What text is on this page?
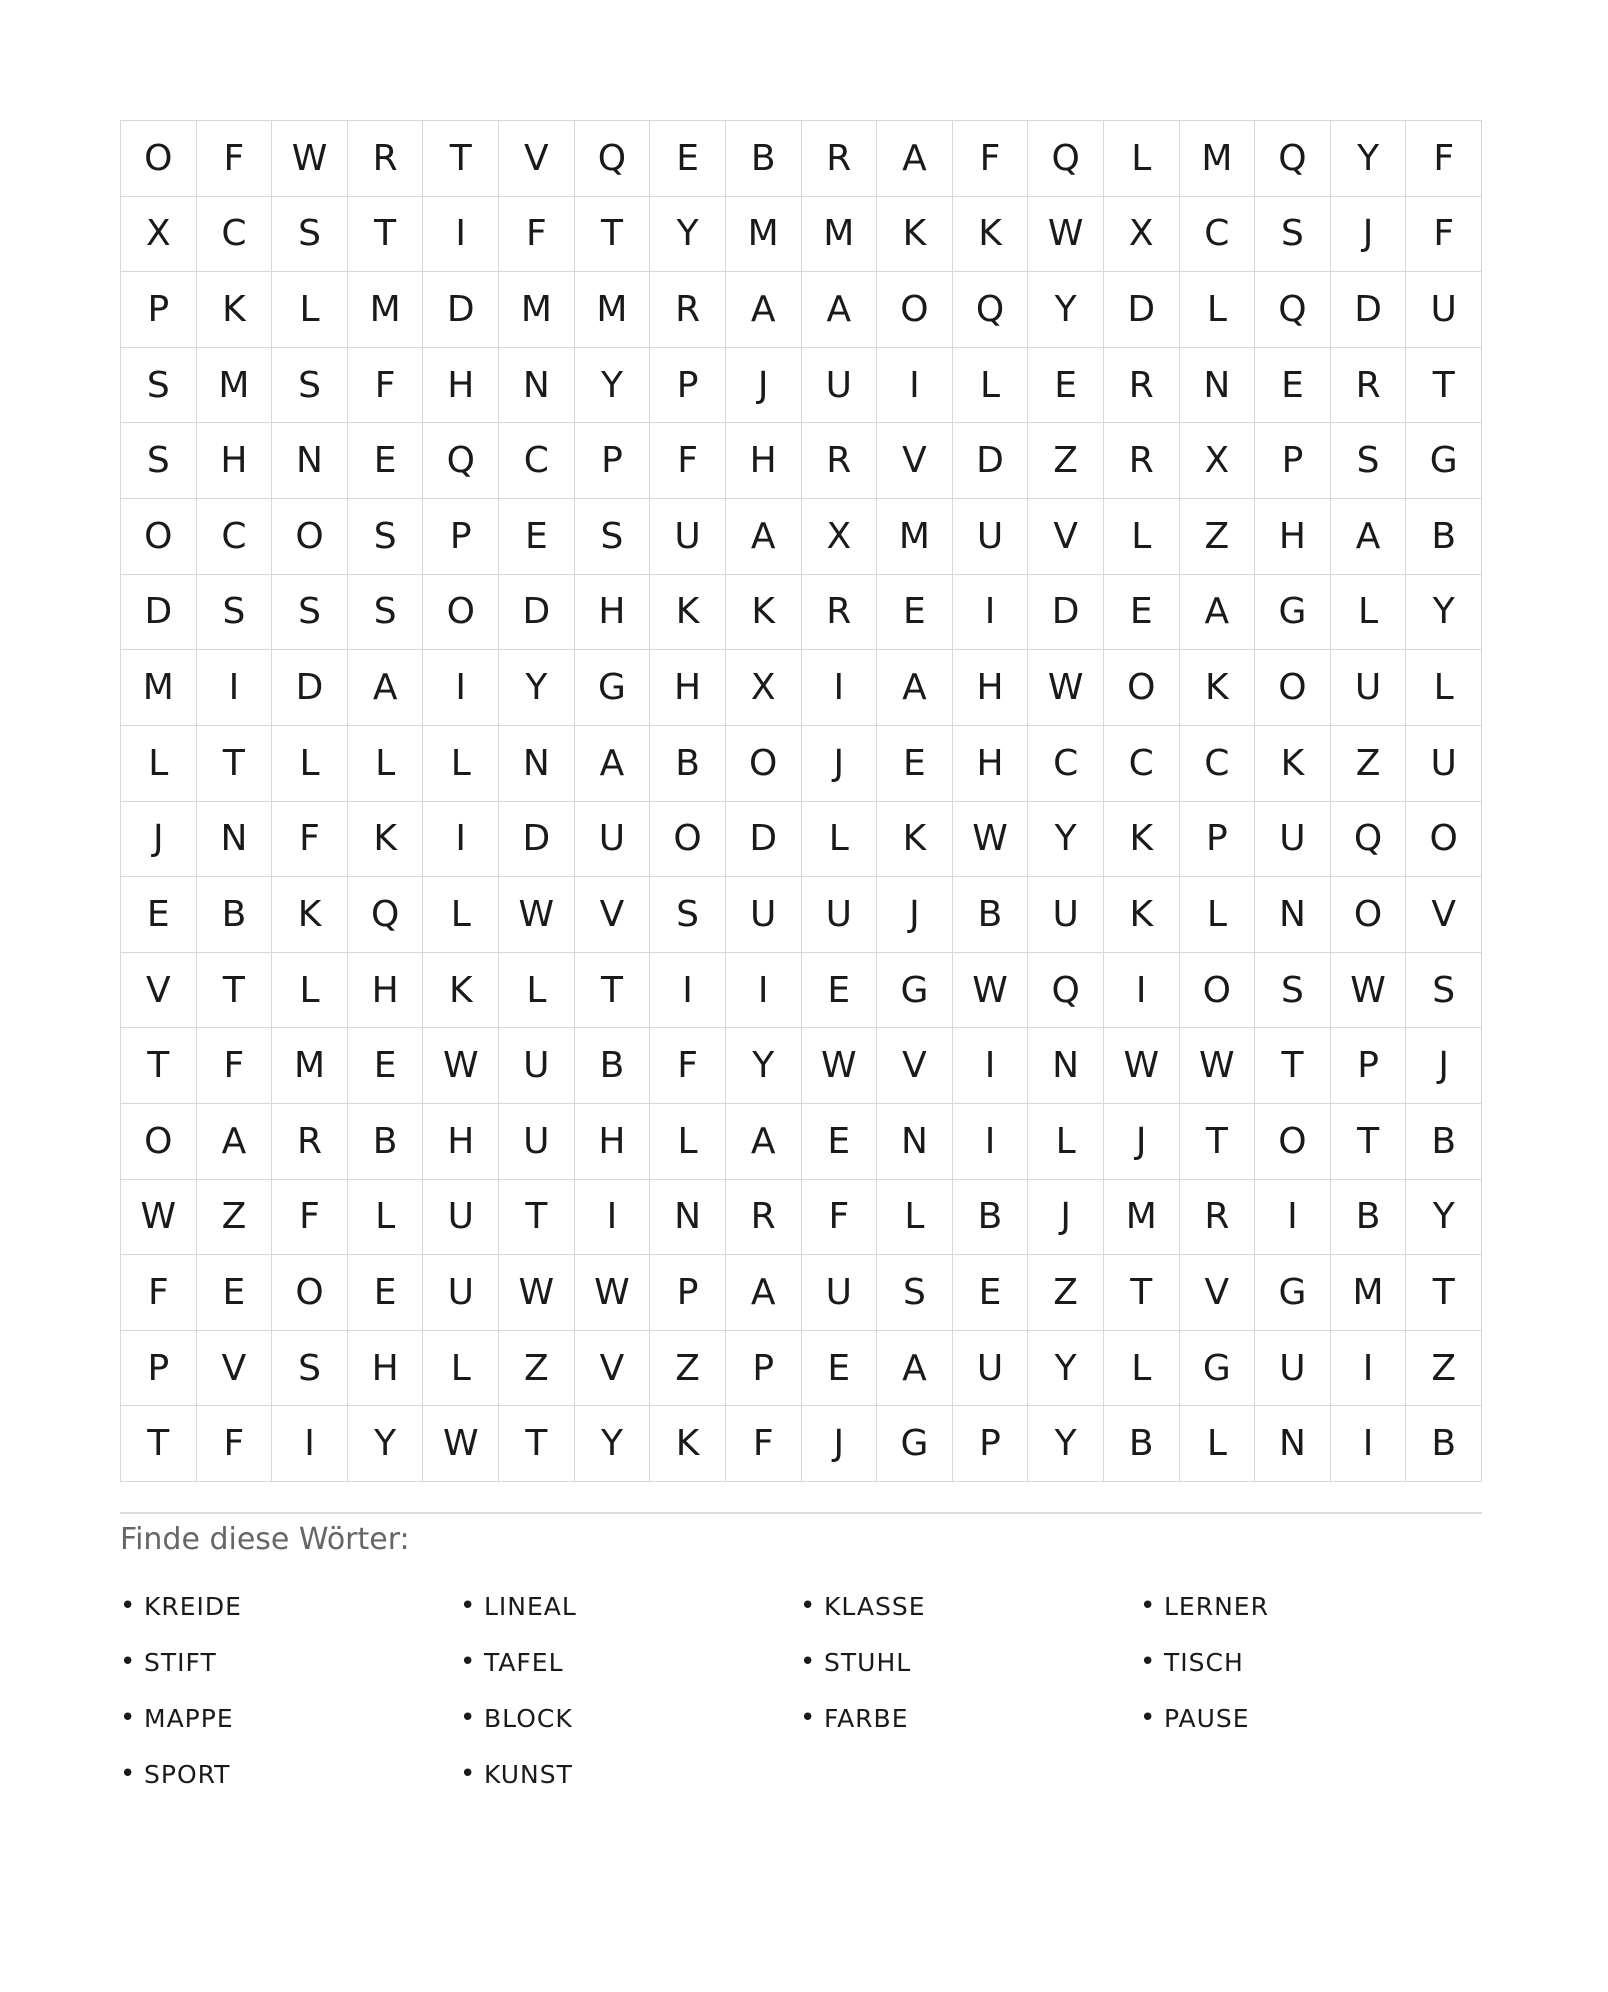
O	F	W	R	T	V	Q	E	B	R	A	F	Q	L	M	Q	Y	F
X	C	S	T	I	F	T	Y	M	M	K	K	W	X	C	S	J	F
P	K	L	M	D	M	M	R	A	A	O	Q	Y	D	L	Q	D	U
S	M	S	F	H	N	Y	P	J	U	I	L	E	R	N	E	R	T
S	H	N	E	Q	C	P	F	H	R	V	D	Z	R	X	P	S	G
O	C	O	S	P	E	S	U	A	X	M	U	V	L	Z	H	A	B
D	S	S	S	O	D	H	K	K	R	E	I	D	E	A	G	L	Y
M	I	D	A	I	Y	G	H	X	I	A	H	W	O	K	O	U	L
L	T	L	L	L	N	A	B	O	J	E	H	C	C	C	K	Z	U
J	N	F	K	I	D	U	O	D	L	K	W	Y	K	P	U	Q	O
E	B	K	Q	L	W	V	S	U	U	J	B	U	K	L	N	O	V
V	T	L	H	K	L	T	I	I	E	G	W	Q	I	O	S	W	S
T	F	M	E	W	U	B	F	Y	W	V	I	N	W	W	T	P	J
O	A	R	B	H	U	H	L	A	E	N	I	L	J	T	O	T	B
W	Z	F	L	U	T	I	N	R	F	L	B	J	M	R	I	B	Y
F	E	O	E	U	W	W	P	A	U	S	E	Z	T	V	G	M	T
P	V	S	H	L	Z	V	Z	P	E	A	U	Y	L	G	U	I	Z
T	F	I	Y	W	T	Y	K	F	J	G	P	Y	B	L	N	I	B
Finde diese Wörter:
• KREIDE	• LINEAL	• KLASSE	• LERNER
• STIFT	• TAFEL	• STUHL	• TISCH
• MAPPE	• BLOCK	• FARBE	• PAUSE
• SPORT	• KUNST
